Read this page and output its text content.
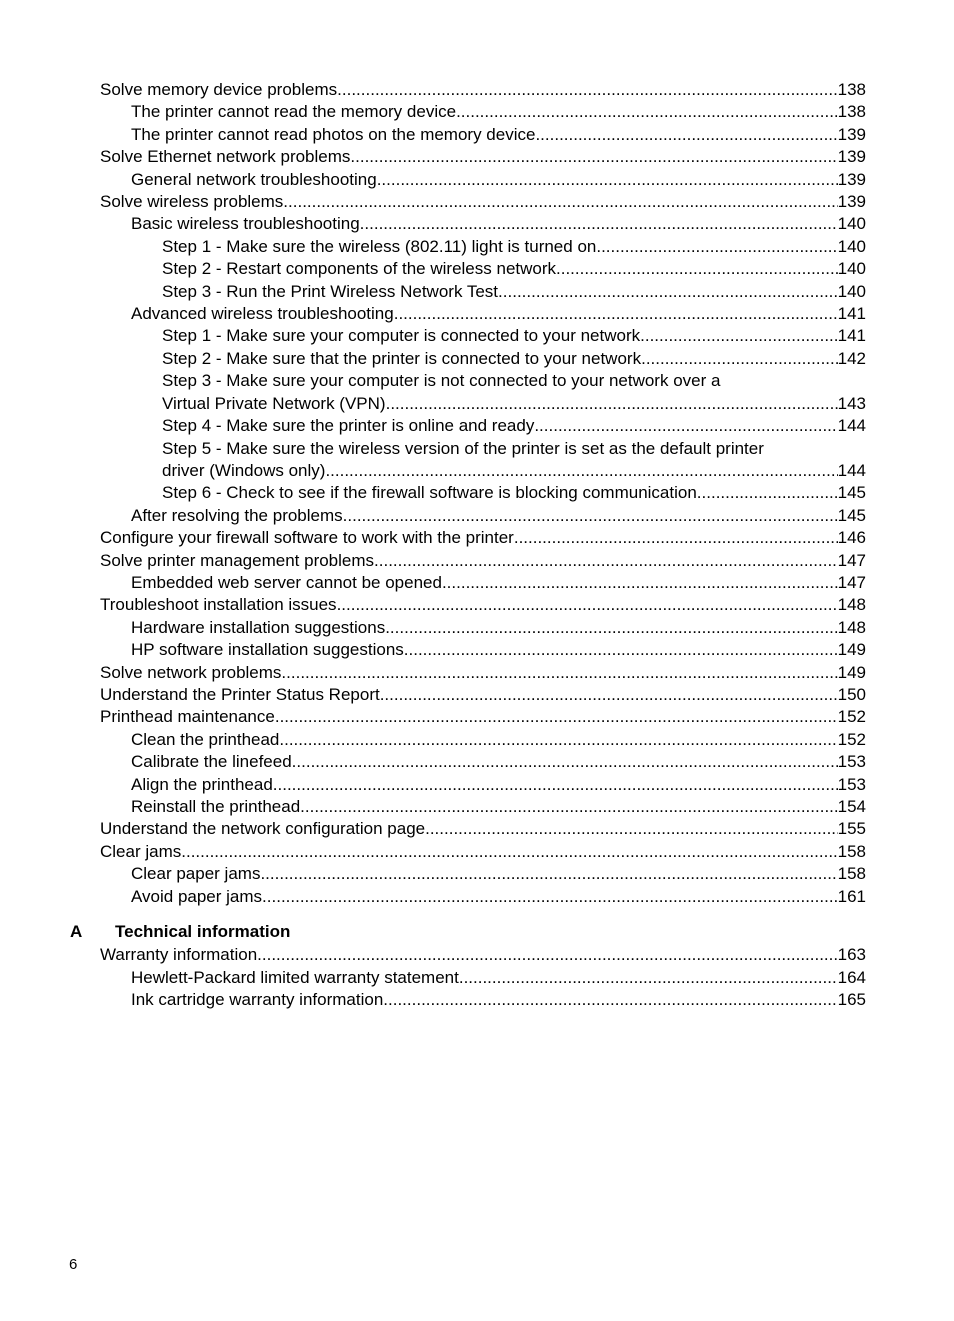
Solve memory device problems .....	138
The printer cannot read the memory device .....	138
The printer cannot read photos on the memory device .....	139
Solve Ethernet network problems .....	139
General network troubleshooting .....	139
Solve wireless problems .....	139
Basic wireless troubleshooting .....	140
Step 1 - Make sure the wireless (802.11) light is turned on .....	140
Step 2 - Restart components of the wireless network .....	140
Step 3 - Run the Print Wireless Network Test .....	140
Advanced wireless troubleshooting .....	141
Step 1 - Make sure your computer is connected to your network .....	141
Step 2 - Make sure that the printer is connected to your network .....	142
Step 3 - Make sure your computer is not connected to your network over a
Virtual Private Network (VPN) .....	143
Step 4 - Make sure the printer is online and ready .....	144
Step 5 - Make sure the wireless version of the printer is set as the default printer
driver (Windows only) .....	144
Step 6 - Check to see if the firewall software is blocking communication .....	145
After resolving the problems .....	145
Configure your firewall software to work with the printer .....	146
Solve printer management problems .....	147
Embedded web server cannot be opened .....	147
Troubleshoot installation issues .....	148
Hardware installation suggestions .....	148
HP software installation suggestions .....	149
Solve network problems .....	149
Understand the Printer Status Report .....	150
Printhead maintenance .....	152
Clean the printhead .....	152
Calibrate the linefeed .....	153
Align the printhead .....	153
Reinstall the printhead .....	154
Understand the network configuration page .....	155
Clear jams .....	158
Clear paper jams .....	158
Avoid paper jams .....	161
A	Technical information
Warranty information .....	163
Hewlett-Packard limited warranty statement .....	164
Ink cartridge warranty information .....	165
6
